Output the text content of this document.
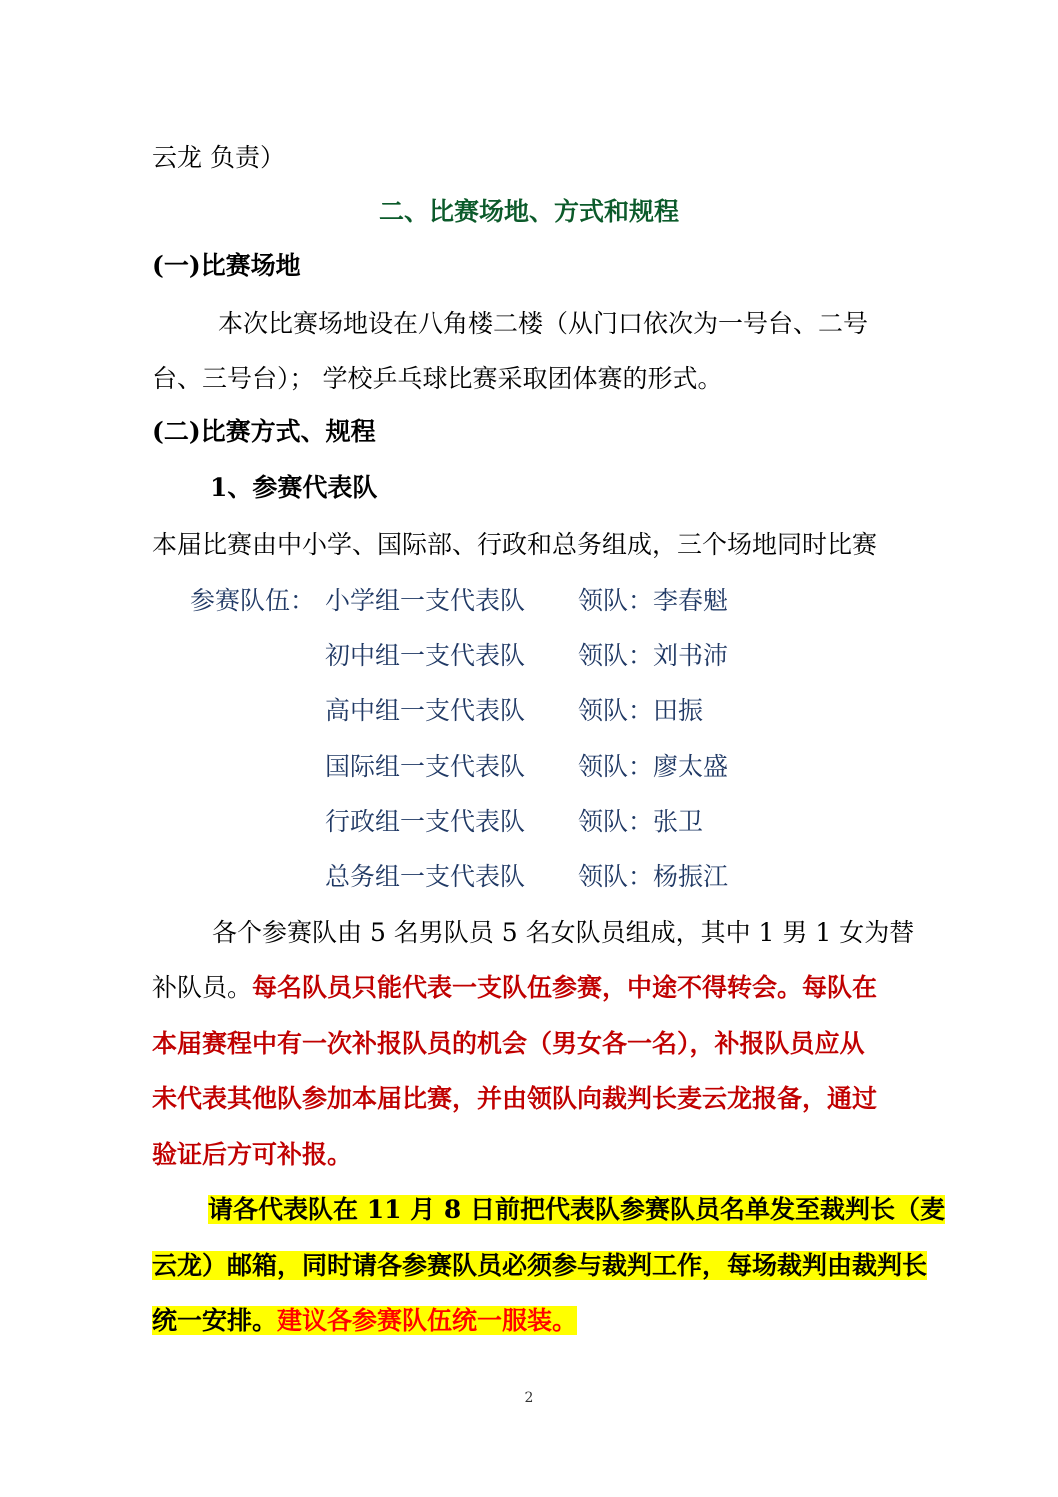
云龙 负责）
二、比赛场地、方式和规程
(一)比赛场地
本次比赛场地设在八角楼二楼（从门口依次为一号台、二号
台、三号台）； 学校乒乓球比赛采取团体赛的形式。
(二)比赛方式、规程
1、参赛代表队
本届比赛由中小学、国际部、行政和总务组成，三个场地同时比赛
参赛队伍： 小学组一支代表队 领队：李春魁
初中组一支代表队 领队：刘书沛
高中组一支代表队 领队：田振
国际组一支代表队 领队：廖太盛
行政组一支代表队 领队：张卫
总务组一支代表队 领队：杨振江
各个参赛队由 5 名男队员 5 名女队员组成，其中 1 男 1 女为替
补队员。每名队员只能代表一支队伍参赛，中途不得转会。每队在
本届赛程中有一次补报队员的机会（男女各一名），补报队员应从
未代表其他队参加本届比赛，并由领队向裁判长麦云龙报备，通过
验证后方可补报。
请各代表队在 11 月 8 日前把代表队参赛队员名单发至裁判长（麦
云龙）邮箱，同时请各参赛队员必须参与裁判工作，每场裁判由裁判长
统一安排。建议各参赛队伍统一服装。
2
